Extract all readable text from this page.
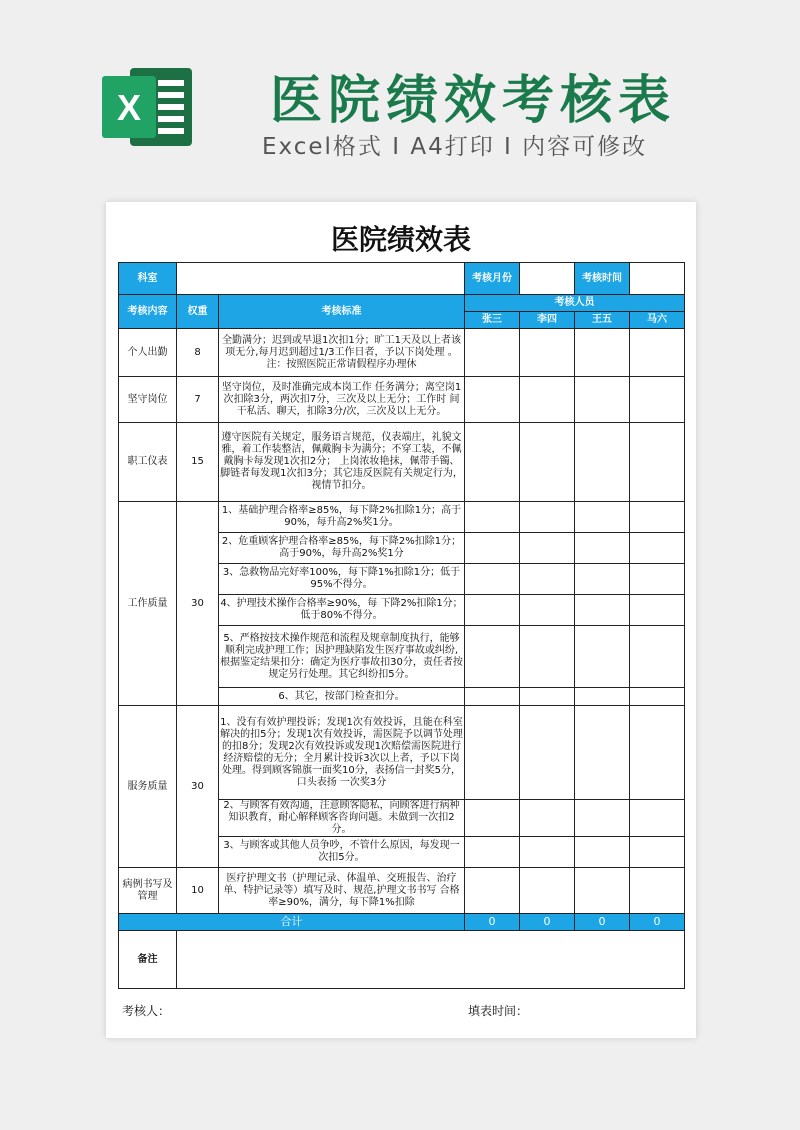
X 医院绩效考核表
Excel格式 I A4打印 I 内容可修改
医院绩效表
科室			考核月份		考核时间	
考核内容	权重	考核标准	考核人员			
			张三	李四	王五	马六
个人出勤	8	全勤满分；迟到或早退1次扣1分；旷工1天及以上者该项无分,每月迟到超过1/3工作日者，予以下岗处理 。注：按照医院正常请假程序办理休				
坚守岗位	7	坚守岗位，及时准确完成本岗工作 任务满分；离空岗1次扣除3分，两次扣7分，三次及以上无分；工作时 间干私活、聊天，扣除3分/次，三次及以上无分。				
职工仪表	15	遵守医院有关规定，服务语言规范，仪表端庄，礼貌文雅，着工作装整洁，佩戴胸卡为满分；不穿工装，不佩戴胸卡每发现1次扣2分； 上岗浓妆艳抹，佩带手镯、脚链者每发现1次扣3分；其它违反医院有关规定行为，视情节扣分。				
工作质量	30	1、基础护理合格率≥85%，每下降2%扣除1分；高于90%，每升高2%奖1分。				
		2、危重顾客护理合格率≥85%，每下降2%扣除1分；高于90%，每升高2%奖1分				
		3、急救物品完好率100%，每下降1%扣除1分；低于95%不得分。				
		4、护理技术操作合格率≥90%，每 下降2%扣除1分；低于80%不得分。				
		5、严格按技术操作规范和流程及规章制度执行，能够顺利完成护理工作；因护理缺陷发生医疗事故或纠纷, 根据鉴定结果扣分：确定为医疗事故扣30分，责任者按规定另行处理。其它纠纷扣5分。				
		6、其它，按部门检查扣分。				
服务质量	30	1、没有有效护理投诉；发现1次有效投诉，且能在科室解决的扣5分；发现1次有效投诉，需医院予以调节处理的扣8分；发现2次有效投诉或发现1次赔偿需医院进行经济赔偿的无分；全月累计投诉3次以上者，予以下岗处理。得到顾客锦旗一面奖10分，表扬信一封奖5分，口头表扬 一次奖3分				
		2、与顾客有效沟通，注意顾客隐私，向顾客进行病种知识教育，耐心解释顾客咨询问题。未做到一次扣2分。				
		3、与顾客或其他人员争吵，不管什么原因，每发现一次扣5分。				
病例书写及管理	10	医疗护理文书（护理记录、体温单、交班报告、治疗单、特护记录等）填写及时、规范,护理文书书写 合格率≥90%，满分，每下降1%扣除				
合计			0	0	0	0
备注						
考核人：	填表时间：
